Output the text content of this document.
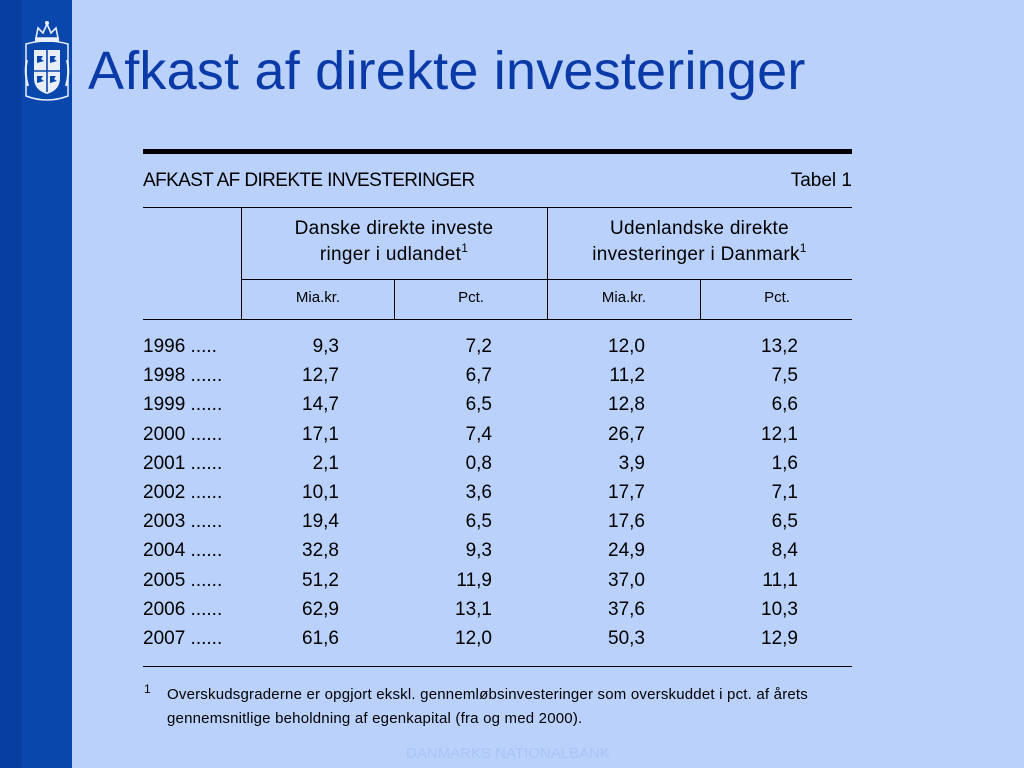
Afkast af direkte investeringer
AFKAST AF DIREKTE INVESTERINGER	Tabel 1
Danske direkte investe
ringer i udlandet$^1$
Udenlandske direkte
investeringer i Danmark$^1$
Mia.kr.	Pct.	Mia.kr.	Pct.
1996 .....	9,3	7,2	12,0	13,2
1998 ......	12,7	6,7	11,2	7,5
1999 ......	14,7	6,5	12,8	6,6
2000 ......	17,1	7,4	26,7	12,1
2001 ......	2,1	0,8	3,9	1,6
2002 ......	10,1	3,6	17,7	7,1
2003 ......	19,4	6,5	17,6	6,5
2004 ......	32,8	9,3	24,9	8,4
2005 ......	51,2	11,9	37,0	11,1
2006 ......	62,9	13,1	37,6	10,3
2007 ......	61,6	12,0	50,3	12,9
1 Overskudsgraderne er opgjort ekskl. gennemløbsinvesteringer som overskuddet i pct. af årets gennemsnitlige beholdning af egenkapital (fra og med 2000).
DANMARKS NATIONALBANK
